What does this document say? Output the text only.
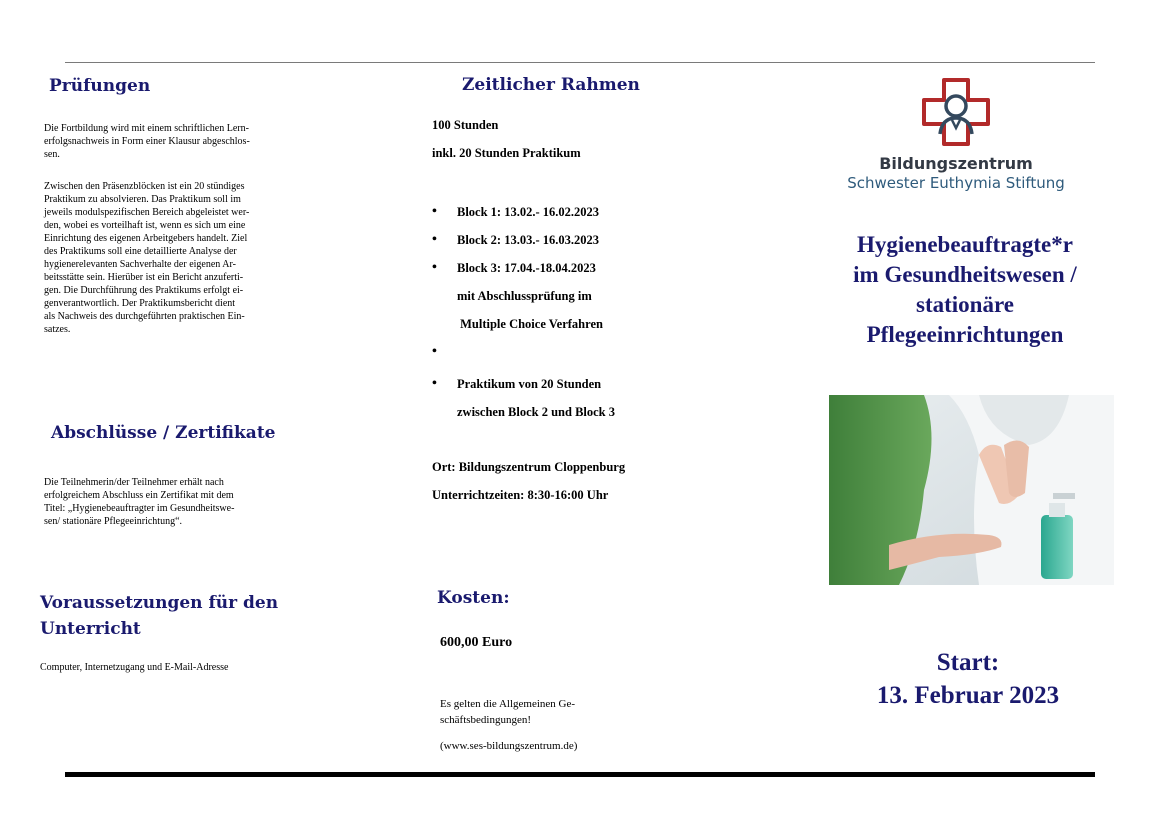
Prüfungen
Die Fortbildung wird mit einem schriftlichen Lern-
erfolgsnachweis in Form einer Klausur abgeschlos-
sen.
Zwischen den Präsenzblöcken ist ein 20 stündiges
Praktikum zu absolvieren. Das Praktikum soll im
jeweils modulspezifischen Bereich abgeleistet wer-
den, wobei es vorteilhaft ist, wenn es sich um eine
Einrichtung des eigenen Arbeitgebers handelt. Ziel
des Praktikums soll eine detaillierte Analyse der
hygienerelevanten Sachverhalte der eigenen Ar-
beitsstätte sein. Hierüber ist ein Bericht anzuferti-
gen. Die Durchführung des Praktikums erfolgt ei-
genverantwortlich. Der Praktikumsbericht dient
als Nachweis des durchgeführten praktischen Ein-
satzes.
Abschlüsse / Zertifikate
Die Teilnehmerin/der Teilnehmer erhält nach
erfolgreichem Abschluss ein Zertifikat mit dem
Titel: „Hygienebeauftragter im Gesundheitswe-
sen/ stationäre Pflegeeinrichtung“.
Voraussetzungen für den
Unterricht
Computer, Internetzugang und E-Mail-Adresse
Zeitlicher Rahmen
100 Stunden
inkl. 20 Stunden Praktikum
• Block 1: 13.02.- 16.02.2023
• Block 2: 13.03.- 16.03.2023
• Block 3: 17.04.-18.04.2023
mit Abschlussprüfung im
Multiple Choice Verfahren
•
• Praktikum von 20 Stunden
zwischen Block 2 und Block 3
Ort: Bildungszentrum Cloppenburg
Unterrichtzeiten: 8:30-16:00 Uhr
Kosten:
600,00 Euro
Es gelten die Allgemeinen Ge-
schäftsbedingungen!
(www.ses-bildungszentrum.de)
Bildungszentrum
Schwester Euthymia Stiftung
Hygienebeauftragte*r
im Gesundheitswesen /
stationäre
Pflegeeinrichtungen
Start:
13. Februar 2023
